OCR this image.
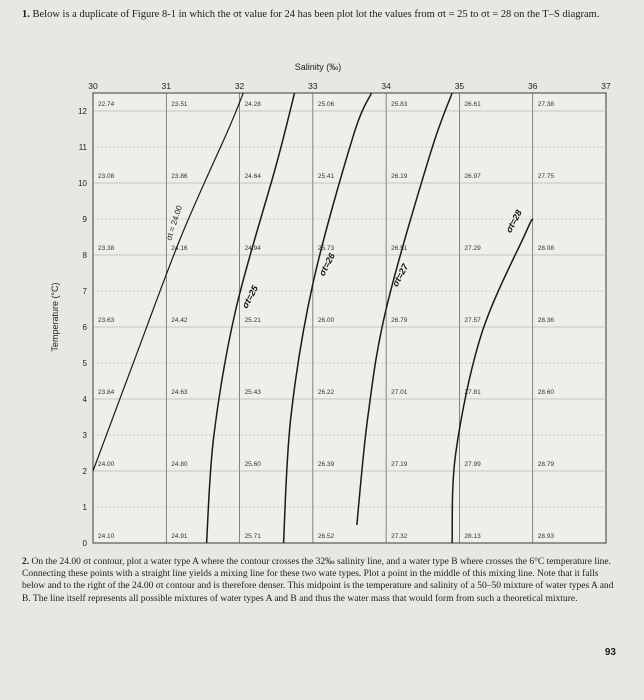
1. Below is a duplicate of Figure 8-1 in which the σt value for 24 has been plot lot the values from σt = 25 to σt = 28 on the T–S diagram.
Salinity (‰)
Temperature (°C)
30	31	32	33	34	35	36	37
0
1
2
3
4
5
6
7
8
9
10
11
12
22.74	23.51	24.28	25.06	25.83	26.61	27.38
23.08	23.86	24.64	25.41	26.19	26.97	27.75
23.38	24.16	24.94	25.73	26.51	27.29	28.08
23.63	24.42	25.21	26.00	26.79	27.57	28.36
23.84	24.63	25.43	26.22	27.01	27.81	28.60
24.00	24.80	25.60	26.39	27.19	27.99	28.79
24.10	24.91	25.71	26.52	27.32	28.13	28.93
σt = 24.00
σt=25
σt=26	σt=27
σt=28
2. On the 24.00 σt contour, plot a water type A where the contour crosses the 32‰ salinity line, and a water type B where crosses the 6°C temperature line. Connecting these points with a straight line yields a mixing line for these two wate types. Plot a point in the middle of this mixing line. Note that it falls below and to the right of the 24.00 σt contour and is therefore denser. This midpoint is the temperature and salinity of a 50–50 mixture of water types A and B. The line itself represents all possible mixtures of water types A and B and thus the water mass that would form from such a theoretical mixture.
93
